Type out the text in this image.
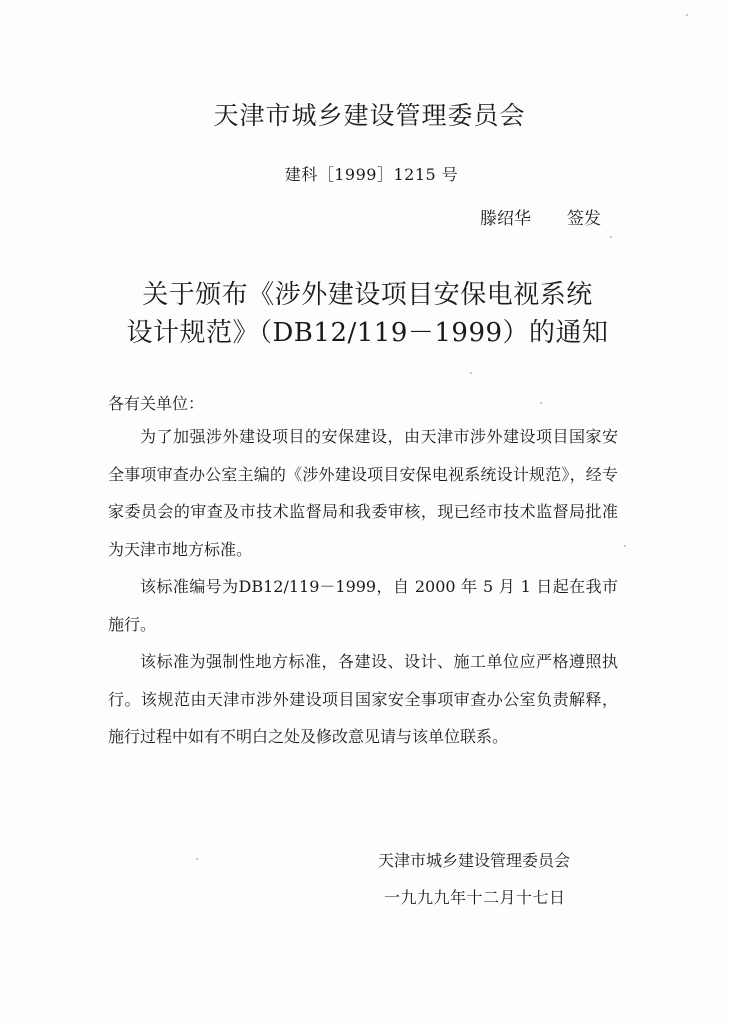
天津市城乡建设管理委员会
建科［1999］1215 号
滕绍华 签发
关于颁布《涉外建设项目安保电视系统
设计规范》（DB12/119－1999）的通知
各有关单位：
为了加强涉外建设项目的安保建设，由天津市涉外建设项目国家安全事项审查办公室主编的《涉外建设项目安保电视系统设计规范》，经专家委员会的审查及市技术监督局和我委审核，现已经市技术监督局批准为天津市地方标准。
该标准编号为DB12/119－1999，自 2000 年 5 月 1 日起在我市施行。
该标准为强制性地方标准，各建设、设计、施工单位应严格遵照执行。该规范由天津市涉外建设项目国家安全事项审查办公室负责解释，施行过程中如有不明白之处及修改意见请与该单位联系。
天津市城乡建设管理委员会
一九九九年十二月十七日
